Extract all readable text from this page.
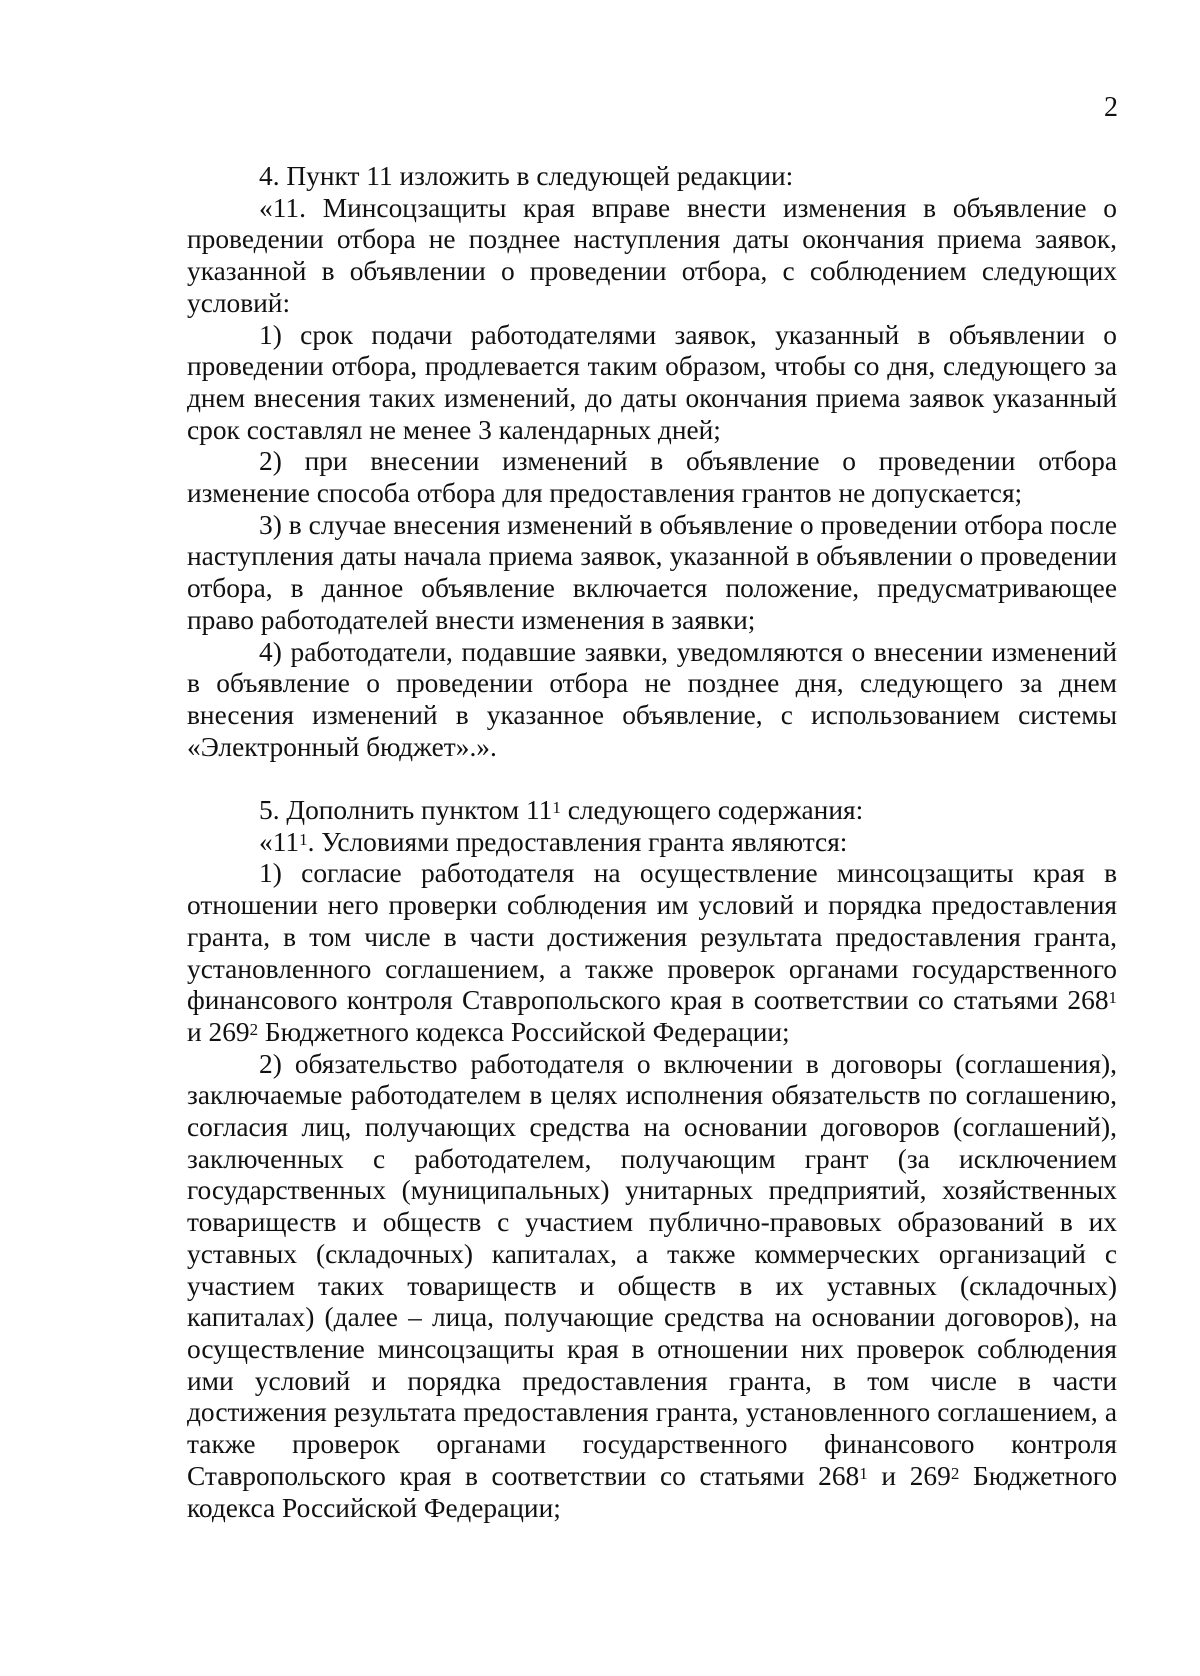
2

4. Пункт 11 изложить в следующей редакции:

«11. Минсоцзащиты края вправе внести изменения в объявление о проведении отбора не позднее наступления даты окончания приема заявок, указанной в объявлении о проведении отбора, с соблюдением следующих условий:

1) срок подачи работодателями заявок, указанный в объявлении о проведении отбора, продлевается таким образом, чтобы со дня, следующего за днем внесения таких изменений, до даты окончания приема заявок указанный срок составлял не менее 3 календарных дней;

2) при внесении изменений в объявление о проведении отбора изменение способа отбора для предоставления грантов не допускается;

3) в случае внесения изменений в объявление о проведении отбора после наступления даты начала приема заявок, указанной в объявлении о проведении отбора, в данное объявление включается положение, предусматривающее право работодателей внести изменения в заявки;

4) работодатели, подавшие заявки, уведомляются о внесении изменений в объявление о проведении отбора не позднее дня, следующего за днем внесения изменений в указанное объявление, с использованием системы «Электронный бюджет».».

5. Дополнить пунктом $11^1$ следующего содержания:

«$11^1$. Условиями предоставления гранта являются:

1) согласие работодателя на осуществление минсоцзащиты края в отношении него проверки соблюдения им условий и порядка предоставления гранта, в том числе в части достижения результата предоставления гранта, установленного соглашением, а также проверок органами государственного финансового контроля Ставропольского края в соответствии со статьями $268^1$ и $269^2$ Бюджетного кодекса Российской Федерации;

2) обязательство работодателя о включении в договоры (соглашения), заключаемые работодателем в целях исполнения обязательств по соглашению, согласия лиц, получающих средства на основании договоров (соглашений), заключенных с работодателем, получающим грант (за исключением государственных (муниципальных) унитарных предприятий, хозяйственных товариществ и обществ с участием публично-правовых образований в их уставных (складочных) капиталах, а также коммерческих организаций с участием таких товариществ и обществ в их уставных (складочных) капиталах) (далее – лица, получающие средства на основании договоров), на осуществление минсоцзащиты края в отношении них проверок соблюдения ими условий и порядка предоставления гранта, в том числе в части достижения результата предоставления гранта, установленного соглашением, а также проверок органами государственного финансового контроля Ставропольского края в соответствии со статьями $268^1$ и $269^2$ Бюджетного кодекса Российской Федерации;
